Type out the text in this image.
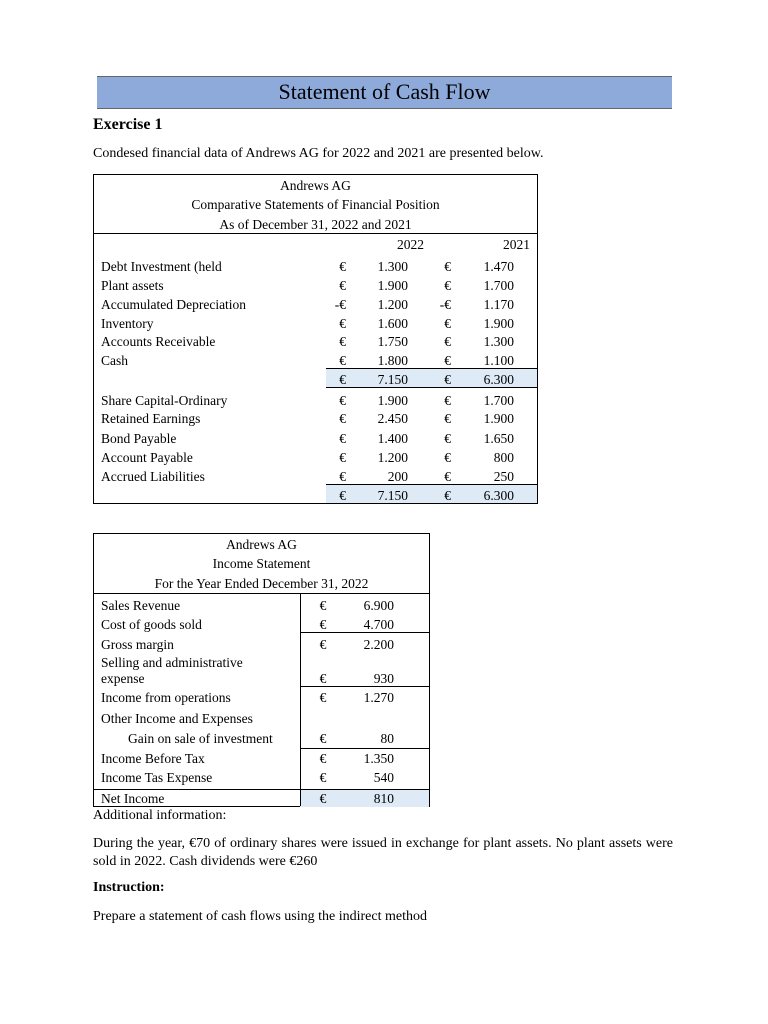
Statement of Cash Flow
Exercise 1
Condesed financial data of Andrews AG for 2022 and 2021 are presented below.
Andrews AG
Comparative Statements of Financial Position
As of December 31, 2022 and 2021
2022	2021
Debt Investment (held	€	1.300	€	1.470
Plant assets	€	1.900	€	1.700
Accumulated Depreciation	-€	1.200	-€	1.170
Inventory	€	1.600	€	1.900
Accounts Receivable	€	1.750	€	1.300
Cash	€	1.800	€	1.100
€	7.150	€	6.300
Share Capital-Ordinary	€	1.900	€	1.700
Retained Earnings	€	2.450	€	1.900
Bond Payable	€	1.400	€	1.650
Account Payable	€	1.200	€	800
Accrued Liabilities	€	200	€	250
€	7.150	€	6.300
Andrews AG
Income Statement
For the Year Ended December 31, 2022
Sales Revenue	€	6.900
Cost of goods sold	€	4.700
Gross margin	€	2.200
Selling and administrative
expense	€	930
Income from operations	€	1.270
Other Income and Expenses
Gain on sale of investment	€	80
Income Before Tax	€	1.350
Income Tas Expense	€	540
Net Income	€	810
Additional information:
During the year, €70 of ordinary shares were issued in exchange for plant assets. No plant assets were sold in 2022. Cash dividends were €260
Instruction:
Prepare a statement of cash flows using the indirect method
